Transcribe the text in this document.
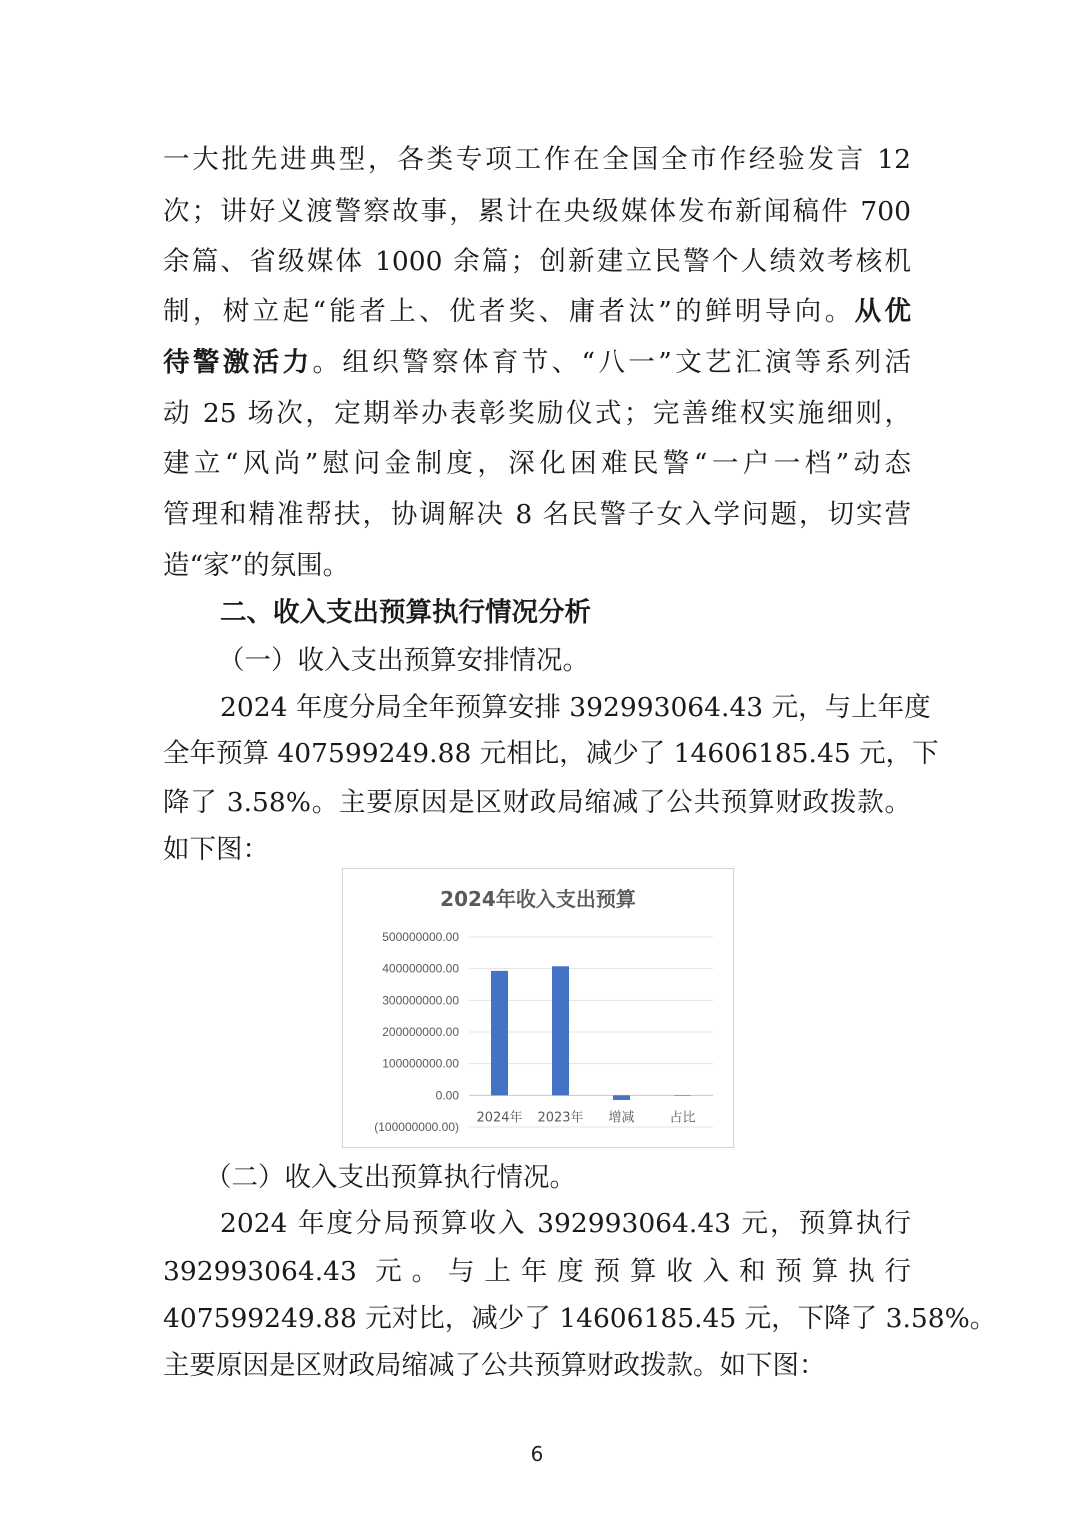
一大批先进典型，各类专项工作在全国全市作经验发言 12
次；讲好义渡警察故事，累计在央级媒体发布新闻稿件 700
余篇、省级媒体 1000 余篇；创新建立民警个人绩效考核机
制，树立起“能者上、优者奖、庸者汰”的鲜明导向。从优
待警激活力。组织警察体育节、“八一”文艺汇演等系列活
动 25 场次，定期举办表彰奖励仪式；完善维权实施细则，
建立“风尚”慰问金制度，深化困难民警“一户一档”动态
管理和精准帮扶，协调解决 8 名民警子女入学问题，切实营
造“家”的氛围。
二、收入支出预算执行情况分析
（一）收入支出预算安排情况。
2024 年度分局全年预算安排 392993064.43 元，与上年度
全年预算 407599249.88 元相比，减少了 14606185.45 元，下
降了 3.58%。主要原因是区财政局缩减了公共预算财政拨款。
如下图：
2024年收入支出预算
500000000.00
400000000.00
300000000.00
200000000.00
100000000.00
0.00
(100000000.00)
2024年 2023年 增减	占比
（二）收入支出预算执行情况。
2024 年度分局预算收入 392993064.43 元，预算执行
392993064.43 元。与上年度预算收入和预算执行
407599249.88 元对比，减少了 14606185.45 元，下降了 3.58%。
主要原因是区财政局缩减了公共预算财政拨款。如下图：
6
